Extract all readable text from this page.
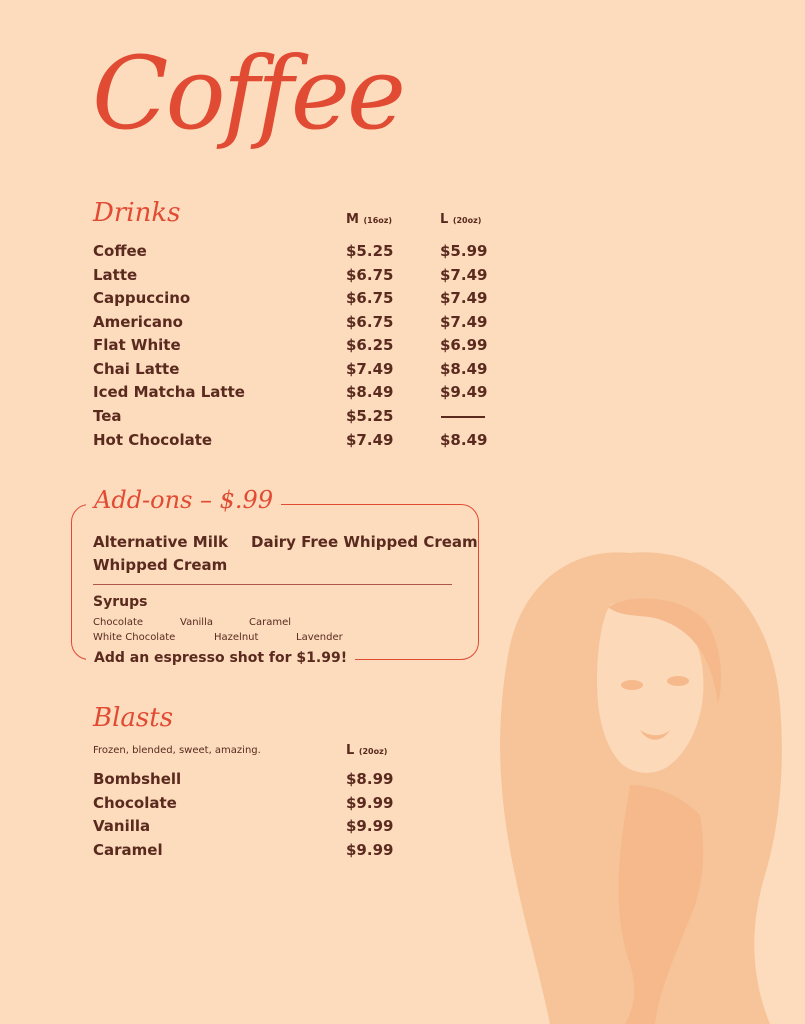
Coffee
Drinks	M (16oz)	L (20oz)
Coffee	$5.25	$5.99
Latte	$6.75	$7.49
Cappuccino	$6.75	$7.49
Americano	$6.75	$7.49
Flat White	$6.25	$6.99
Chai Latte	$7.49	$8.49
Iced Matcha Latte	$8.49	$9.49
Tea	$5.25
Hot Chocolate	$7.49	$8.49
Add-ons – $.99
Alternative Milk Dairy Free Whipped Cream
Whipped Cream
Syrups
Chocolate	Vanilla	Caramel
White Chocolate	Hazelnut	Lavender
Add an espresso shot for $1.99!
Blasts
Frozen, blended, sweet, amazing.	L (20oz)
Bombshell	$8.99
Chocolate	$9.99
Vanilla	$9.99
Caramel	$9.99
